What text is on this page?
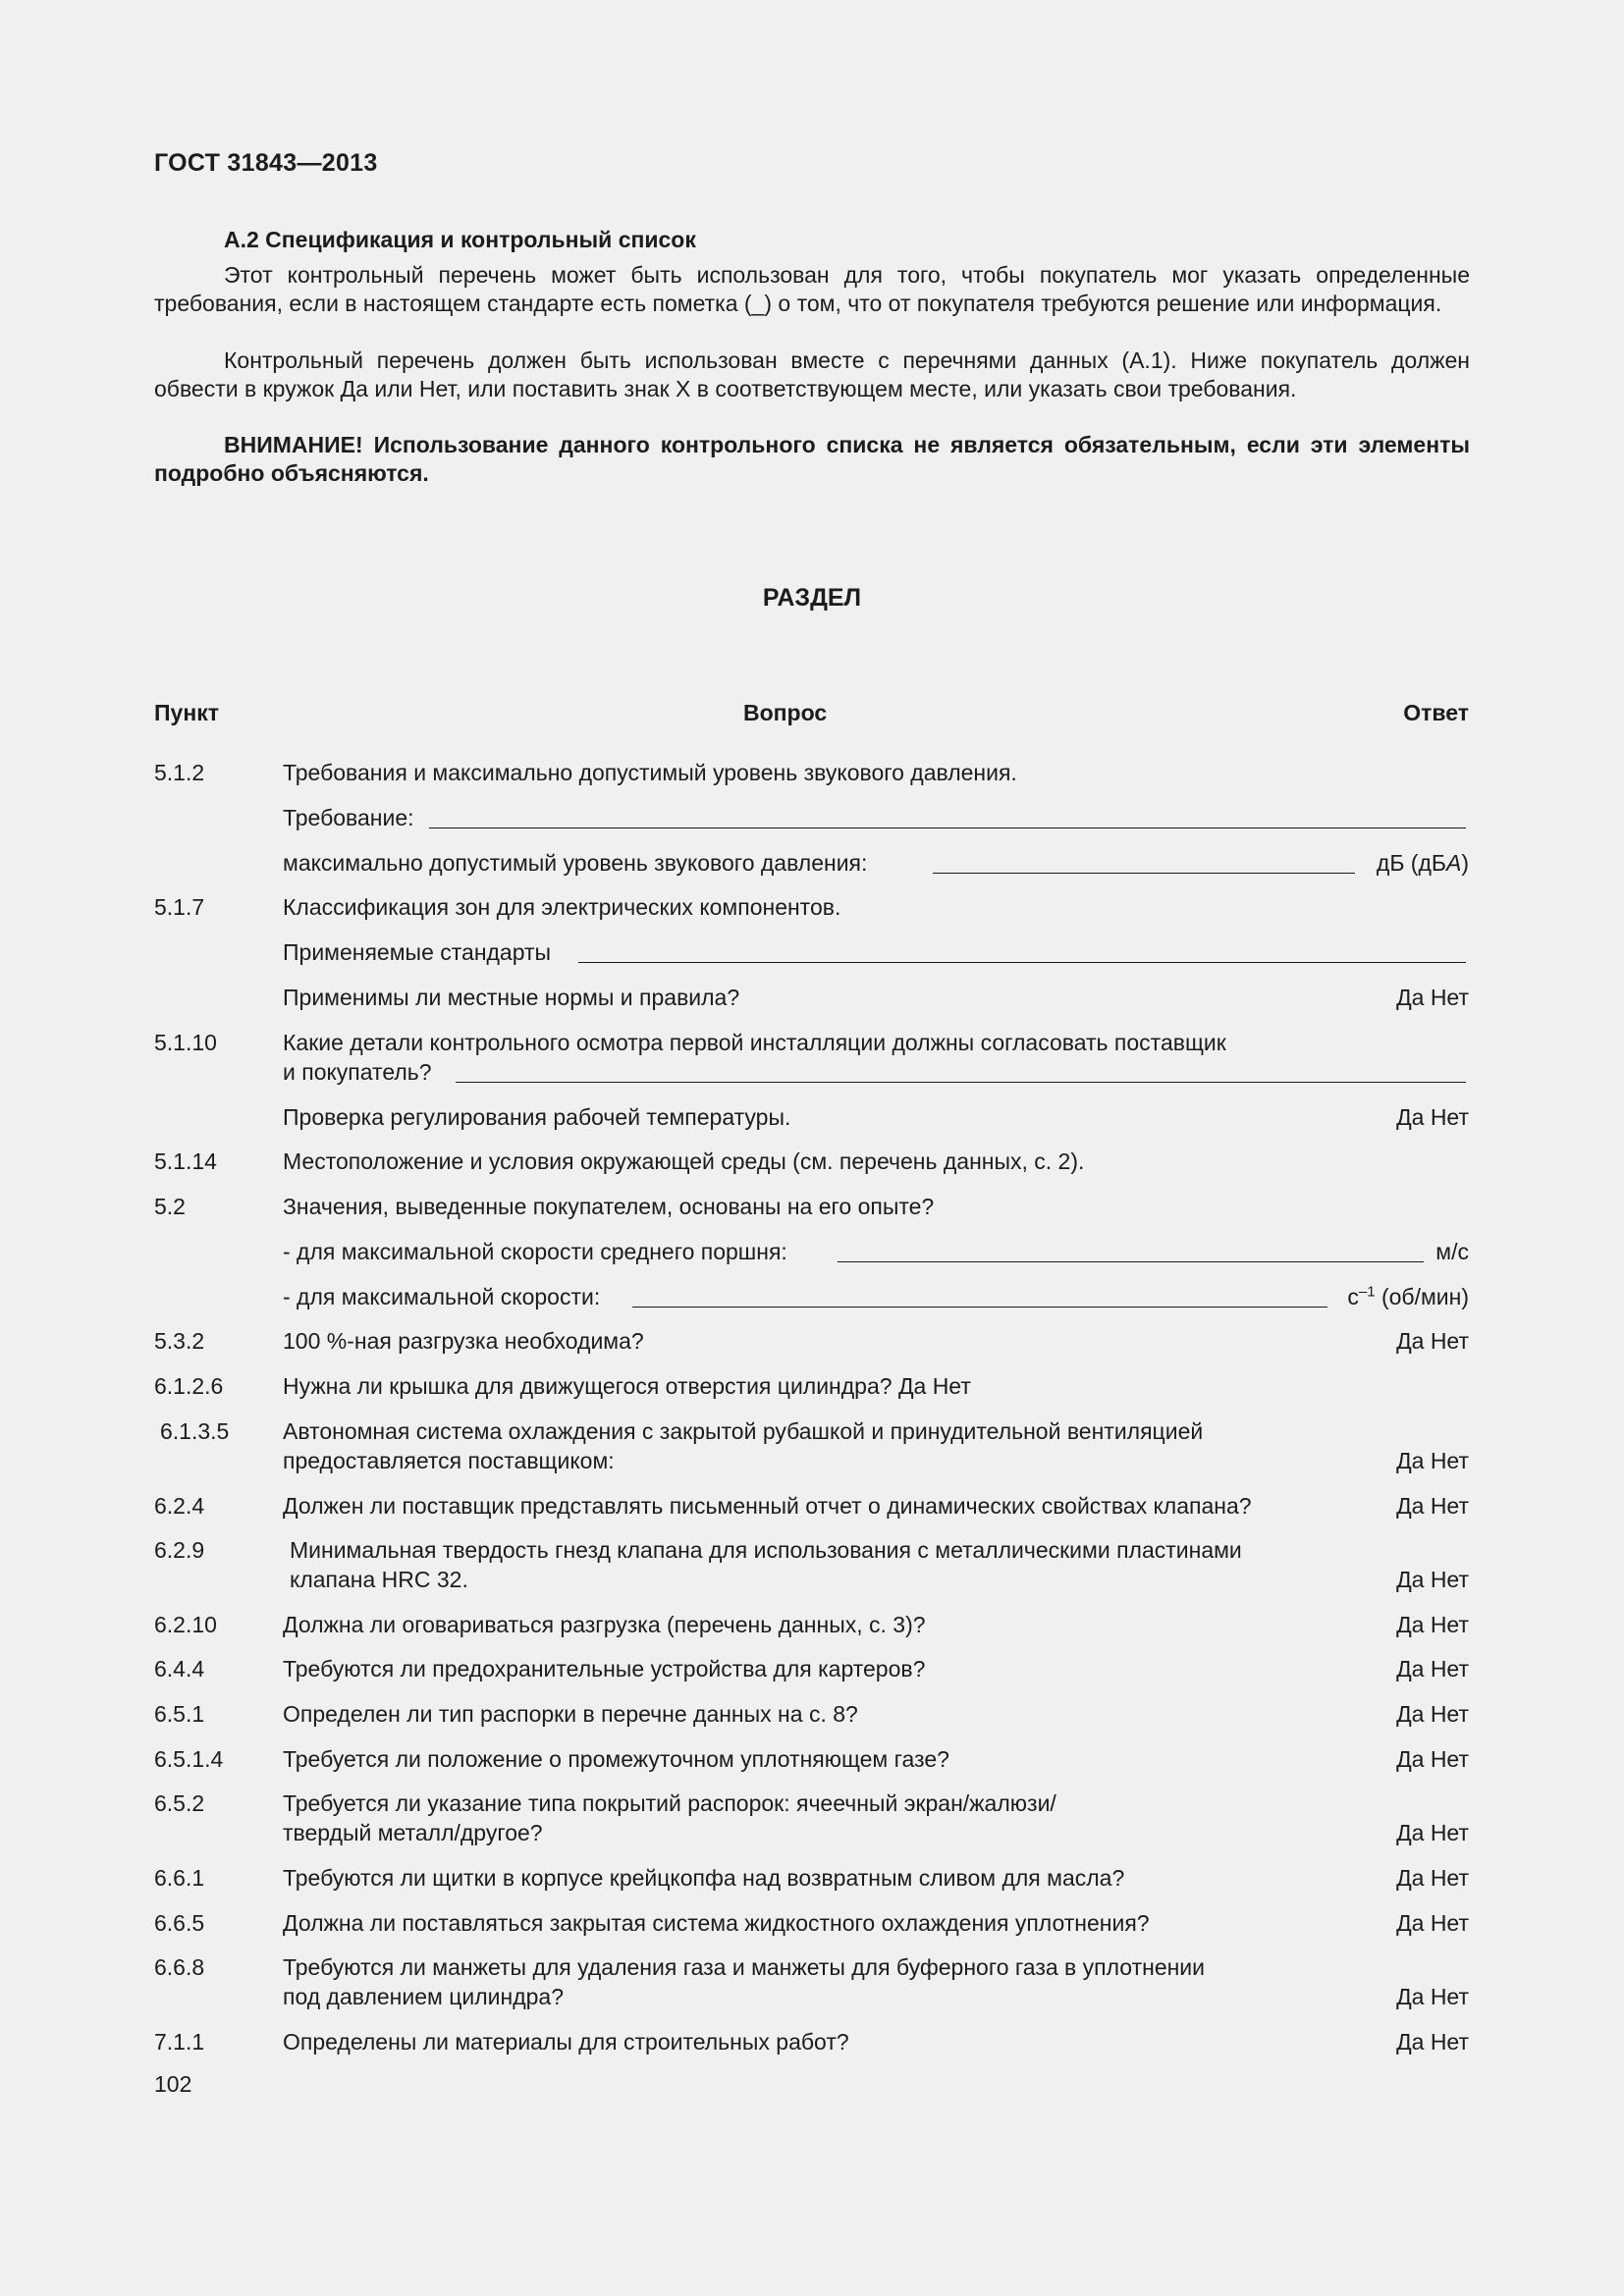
ГОСТ 31843—2013
А.2 Спецификация и контрольный список
Этот контрольный перечень может быть использован для того, чтобы покупатель мог указать определенные требования, если в настоящем стандарте есть пометка (_) о том, что от покупателя требуются решение или информация.
Контрольный перечень должен быть использован вместе с перечнями данных (А.1). Ниже покупатель должен обвести в кружок Да или Нет, или поставить знак X в соответствующем месте, или указать свои требования.
ВНИМАНИЕ! Использование данного контрольного списка не является обязательным, если эти элементы подробно объясняются.
РАЗДЕЛ
Пункт	Вопрос	Ответ
5.1.2	Требования и максимально допустимый уровень звукового давления.
Требование:
максимально допустимый уровень звукового давления:	дБ (дБА)
5.1.7	Классификация зон для электрических компонентов.
Применяемые стандарты
Применимы ли местные нормы и правила?	Да Нет
5.1.10	Какие детали контрольного осмотра первой инсталляции должны согласовать поставщик
и покупатель?
Проверка регулирования рабочей температуры.	Да Нет
5.1.14	Местоположение и условия окружающей среды (см. перечень данных, с. 2).
5.2	Значения, выведенные покупателем, основаны на его опыте?
- для максимальной скорости среднего поршня:	м/с
- для максимальной скорости:	$с^{-1}$ (об/мин)
5.3.2	100 %-ная разгрузка необходима?	Да Нет
6.1.2.6	Нужна ли крышка для движущегося отверстия цилиндра? Да Нет
6.1.3.5 Автономная система охлаждения с закрытой рубашкой и принудительной вентиляцией
предоставляется поставщиком:	Да Нет
6.2.4	Должен ли поставщик представлять письменный отчет о динамических свойствах клапана?	Да Нет
6.2.9	Минимальная твердость гнезд клапана для использования с металлическими пластинами
клапана HRC 32.	Да Нет
6.2.10	Должна ли оговариваться разгрузка (перечень данных, с. 3)?	Да Нет
6.4.4	Требуются ли предохранительные устройства для картеров?	Да Нет
6.5.1	Определен ли тип распорки в перечне данных на с. 8?	Да Нет
6.5.1.4	Требуется ли положение о промежуточном уплотняющем газе?	Да Нет
6.5.2	Требуется ли указание типа покрытий распорок: ячеечный экран/жалюзи/
твердый металл/другое?	Да Нет
6.6.1	Требуются ли щитки в корпусе крейцкопфа над возвратным сливом для масла?	Да Нет
6.6.5	Должна ли поставляться закрытая система жидкостного охлаждения уплотнения?	Да Нет
6.6.8	Требуются ли манжеты для удаления газа и манжеты для буферного газа в уплотнении
под давлением цилиндра?	Да Нет
7.1.1	Определены ли материалы для строительных работ?	Да Нет
102
